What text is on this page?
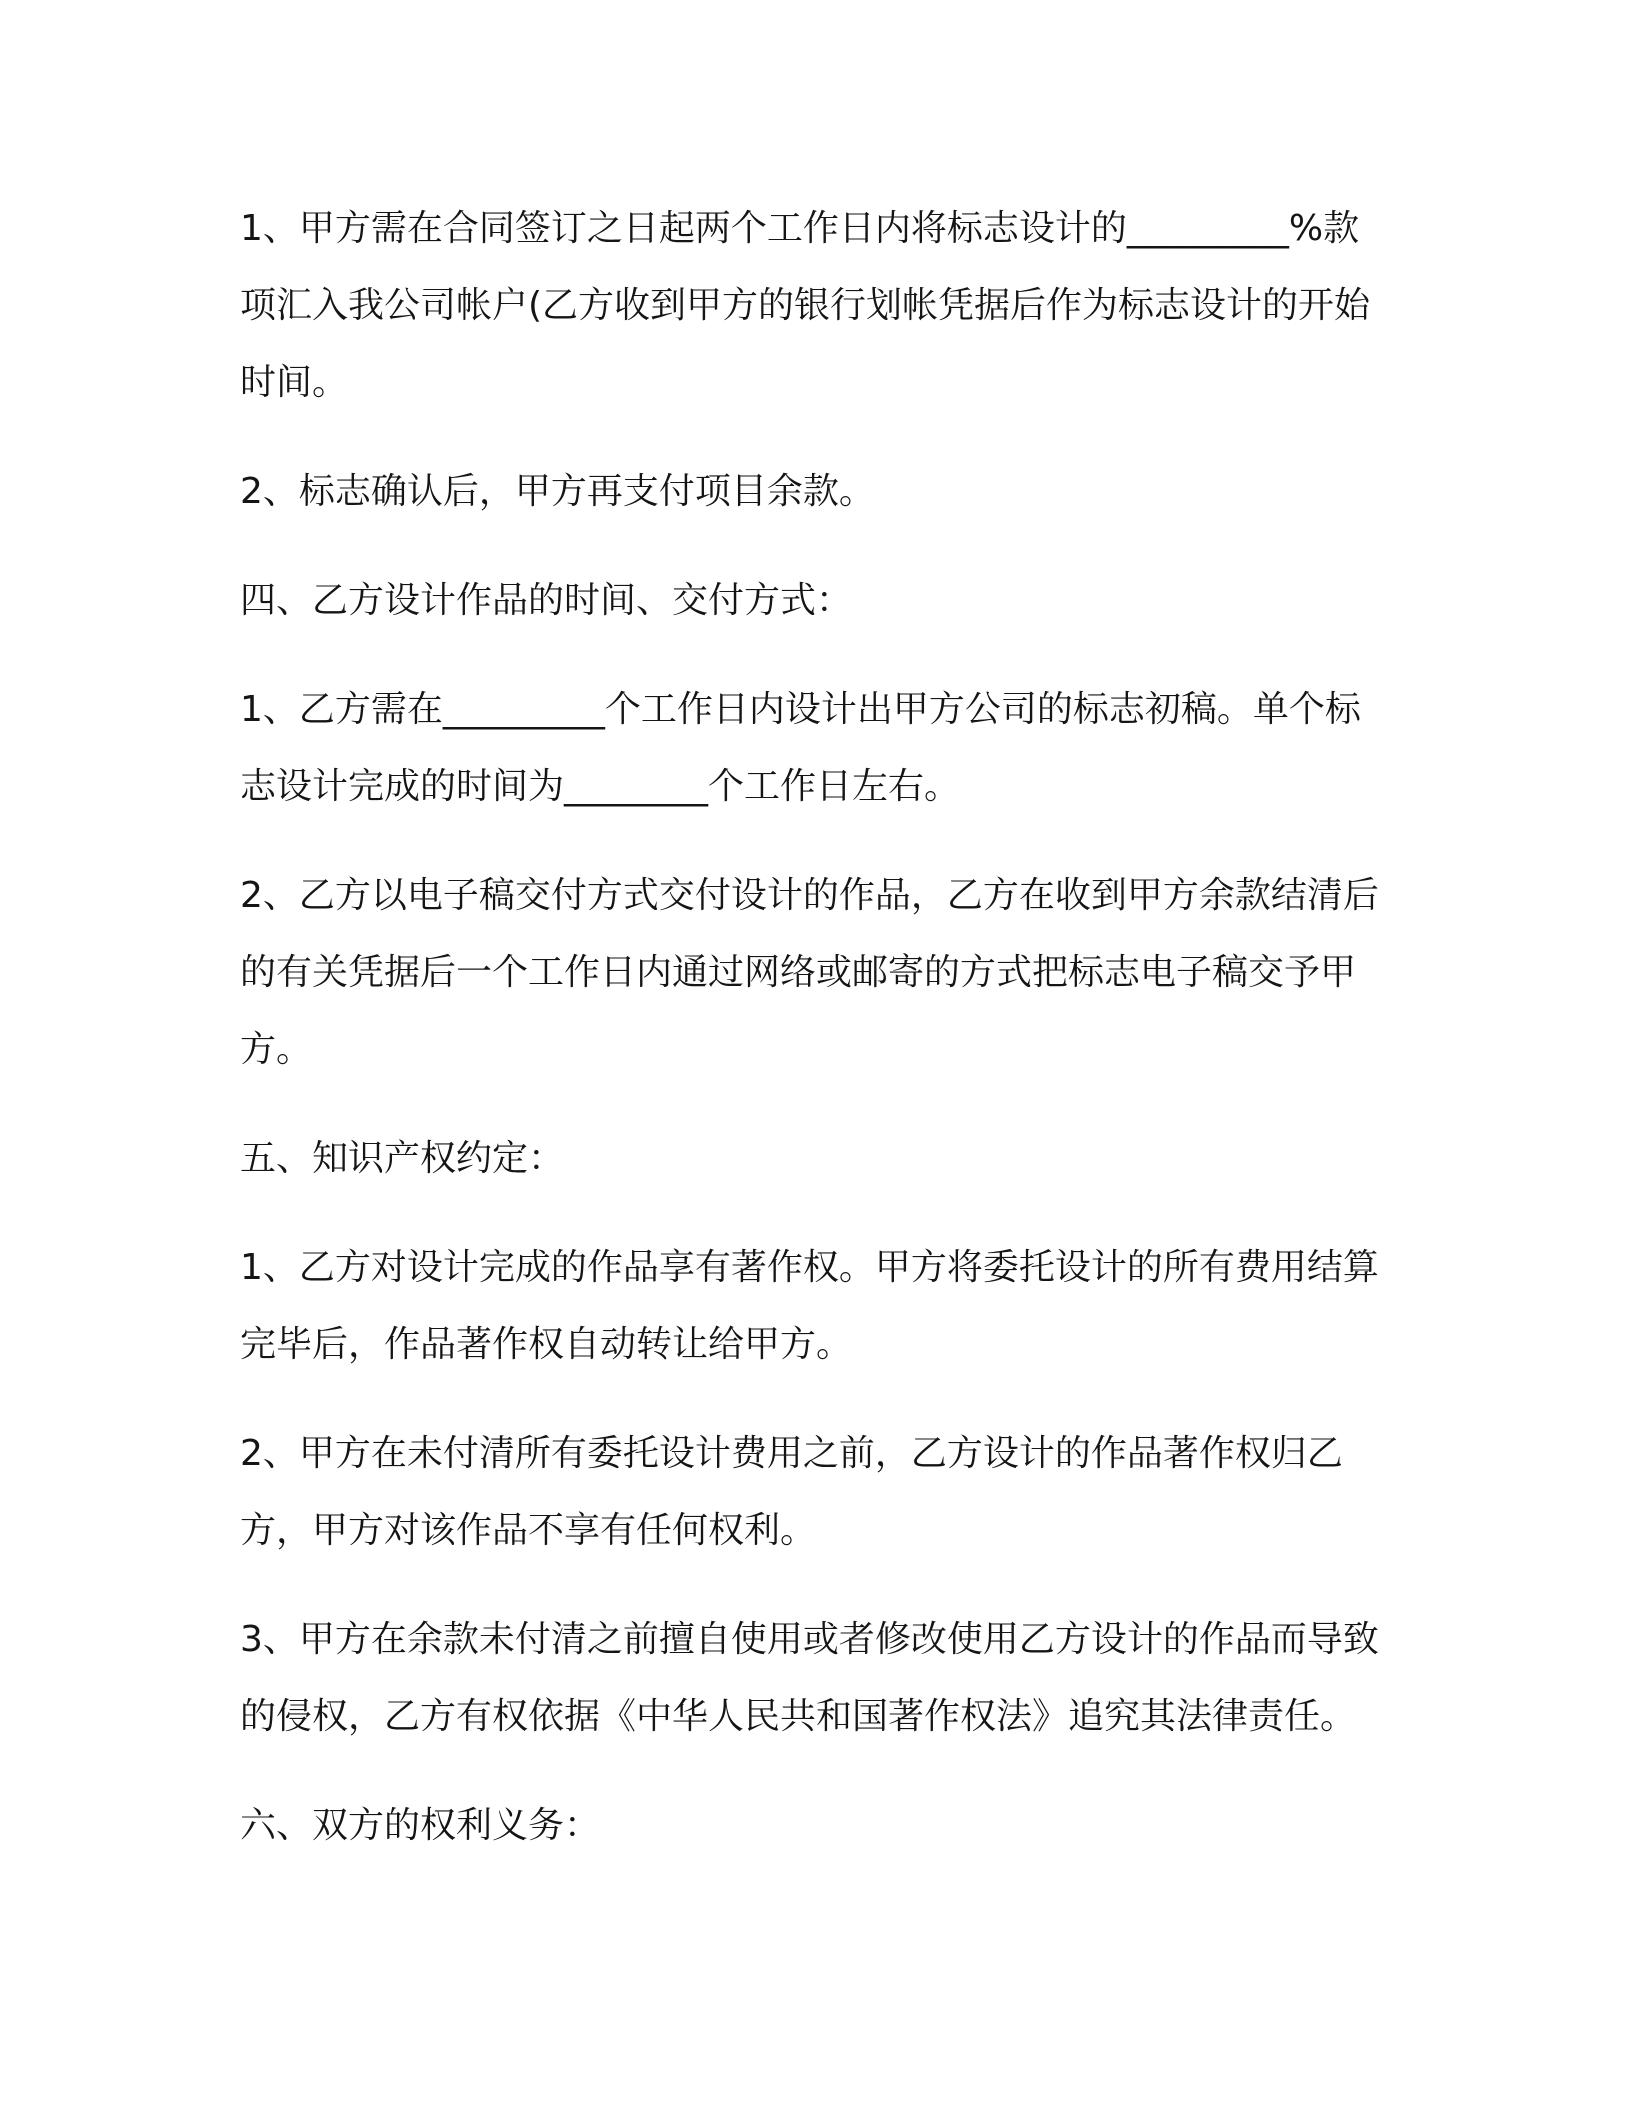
1、甲方需在合同签订之日起两个工作日内将标志设计的_________%款项汇入我公司帐户(乙方收到甲方的银行划帐凭据后作为标志设计的开始时间。

2、标志确认后，甲方再支付项目余款。

四、乙方设计作品的时间、交付方式：

1、乙方需在_________个工作日内设计出甲方公司的标志初稿。单个标志设计完成的时间为________个工作日左右。

2、乙方以电子稿交付方式交付设计的作品，乙方在收到甲方余款结清后的有关凭据后一个工作日内通过网络或邮寄的方式把标志电子稿交予甲方。

五、知识产权约定：

1、乙方对设计完成的作品享有著作权。甲方将委托设计的所有费用结算完毕后，作品著作权自动转让给甲方。

2、甲方在未付清所有委托设计费用之前，乙方设计的作品著作权归乙方，甲方对该作品不享有任何权利。

3、甲方在余款未付清之前擅自使用或者修改使用乙方设计的作品而导致的侵权，乙方有权依据《中华人民共和国著作权法》追究其法律责任。

六、双方的权利义务：
